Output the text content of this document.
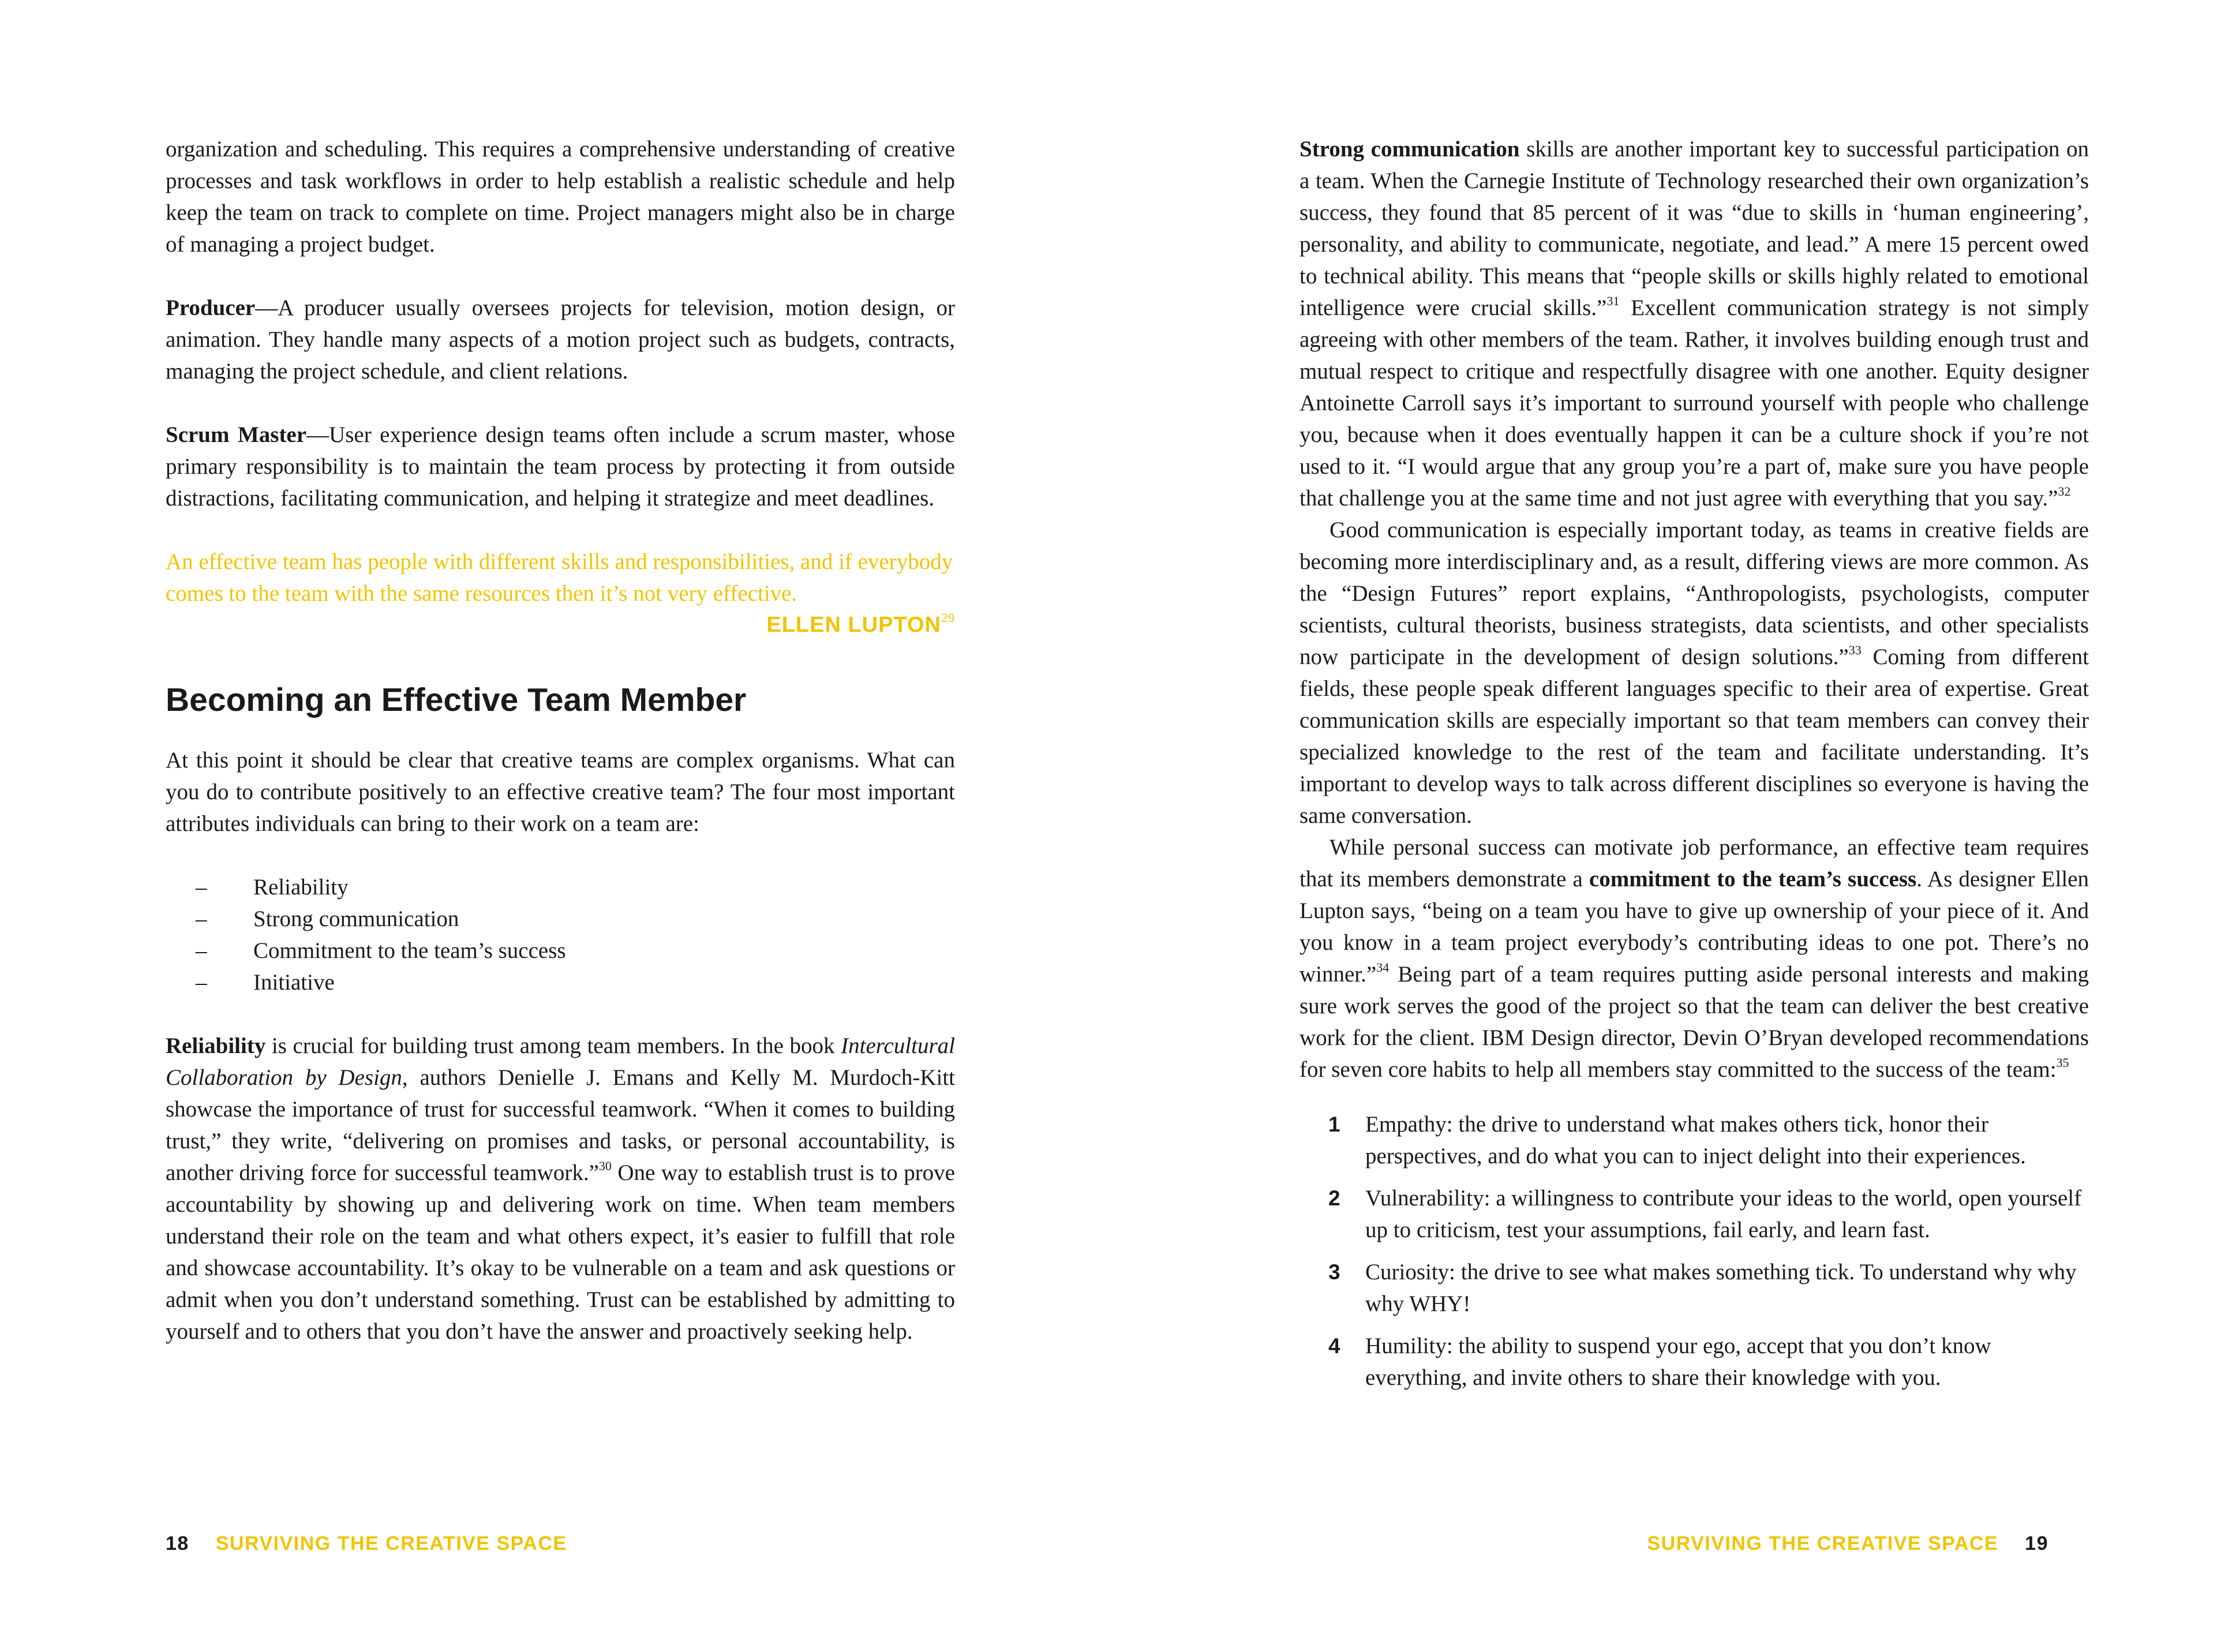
organization and scheduling. This requires a comprehensive understanding of creative processes and task workflows in order to help establish a realistic schedule and help keep the team on track to complete on time. Project managers might also be in charge of managing a project budget.

Producer—A producer usually oversees projects for television, motion design, or animation. They handle many aspects of a motion project such as budgets, contracts, managing the project schedule, and client relations.

Scrum Master—User experience design teams often include a scrum master, whose primary responsibility is to maintain the team process by protecting it from outside distractions, facilitating communication, and helping it strategize and meet deadlines.

An effective team has people with different skills and responsibilities, and if everybody comes to the team with the same resources then it’s not very effective.

ELLEN LUPTON$^{29}$
Becoming an Effective Team Member

At this point it should be clear that creative teams are complex organisms. What can you do to contribute positively to an effective creative team? The four most important attributes individuals can bring to their work on a team are:

– Reliability
– Strong communication
– Commitment to the team’s success
– Initiative

Reliability is crucial for building trust among team members. In the book Intercultural Collaboration by Design, authors Denielle J. Emans and Kelly M. Murdoch-Kitt showcase the importance of trust for successful teamwork. “When it comes to building trust,” they write, “delivering on promises and tasks, or personal accountability, is another driving force for successful teamwork.”$^{30}$ One way to establish trust is to prove accountability by showing up and delivering work on time. When team members understand their role on the team and what others expect, it’s easier to fulfill that role and showcase accountability. It’s okay to be vulnerable on a team and ask questions or admit when you don’t understand something. Trust can be established by admitting to yourself and to others that you don’t have the answer and proactively seeking help.

18 SURVIVING THE CREATIVE SPACE

Strong communication skills are another important key to successful participation on a team. When the Carnegie Institute of Technology researched their own organization’s success, they found that 85 percent of it was “due to skills in ‘human engineering’, personality, and ability to communicate, negotiate, and lead.” A mere 15 percent owed to technical ability. This means that “people skills or skills highly related to emotional intelligence were crucial skills.”$^{31}$ Excellent communication strategy is not simply agreeing with other members of the team. Rather, it involves building enough trust and mutual respect to critique and respectfully disagree with one another. Equity designer Antoinette Carroll says it’s important to surround yourself with people who challenge you, because when it does eventually happen it can be a culture shock if you’re not used to it. “I would argue that any group you’re a part of, make sure you have people that challenge you at the same time and not just agree with everything that you say.”$^{32}$

Good communication is especially important today, as teams in creative fields are becoming more interdisciplinary and, as a result, differing views are more common. As the “Design Futures” report explains, “Anthropologists, psychologists, computer scientists, cultural theorists, business strategists, data scientists, and other specialists now participate in the development of design solutions.”$^{33}$ Coming from different fields, these people speak different languages specific to their area of expertise. Great communication skills are especially important so that team members can convey their specialized knowledge to the rest of the team and facilitate understanding. It’s important to develop ways to talk across different disciplines so everyone is having the same conversation.

While personal success can motivate job performance, an effective team requires that its members demonstrate a commitment to the team’s success. As designer Ellen Lupton says, “being on a team you have to give up ownership of your piece of it. And you know in a team project everybody’s contributing ideas to one pot. There’s no winner.”$^{34}$ Being part of a team requires putting aside personal interests and making sure work serves the good of the project so that the team can deliver the best creative work for the client. IBM Design director, Devin O’Bryan developed recommendations for seven core habits to help all members stay committed to the success of the team:$^{35}$

1 Empathy: the drive to understand what makes others tick, honor their perspectives, and do what you can to inject delight into their experiences.
2 Vulnerability: a willingness to contribute your ideas to the world, open yourself up to criticism, test your assumptions, fail early, and learn fast.
3 Curiosity: the drive to see what makes something tick. To understand why why why WHY!
4 Humility: the ability to suspend your ego, accept that you don’t know everything, and invite others to share their knowledge with you.
SURVIVING THE CREATIVE SPACE 19
